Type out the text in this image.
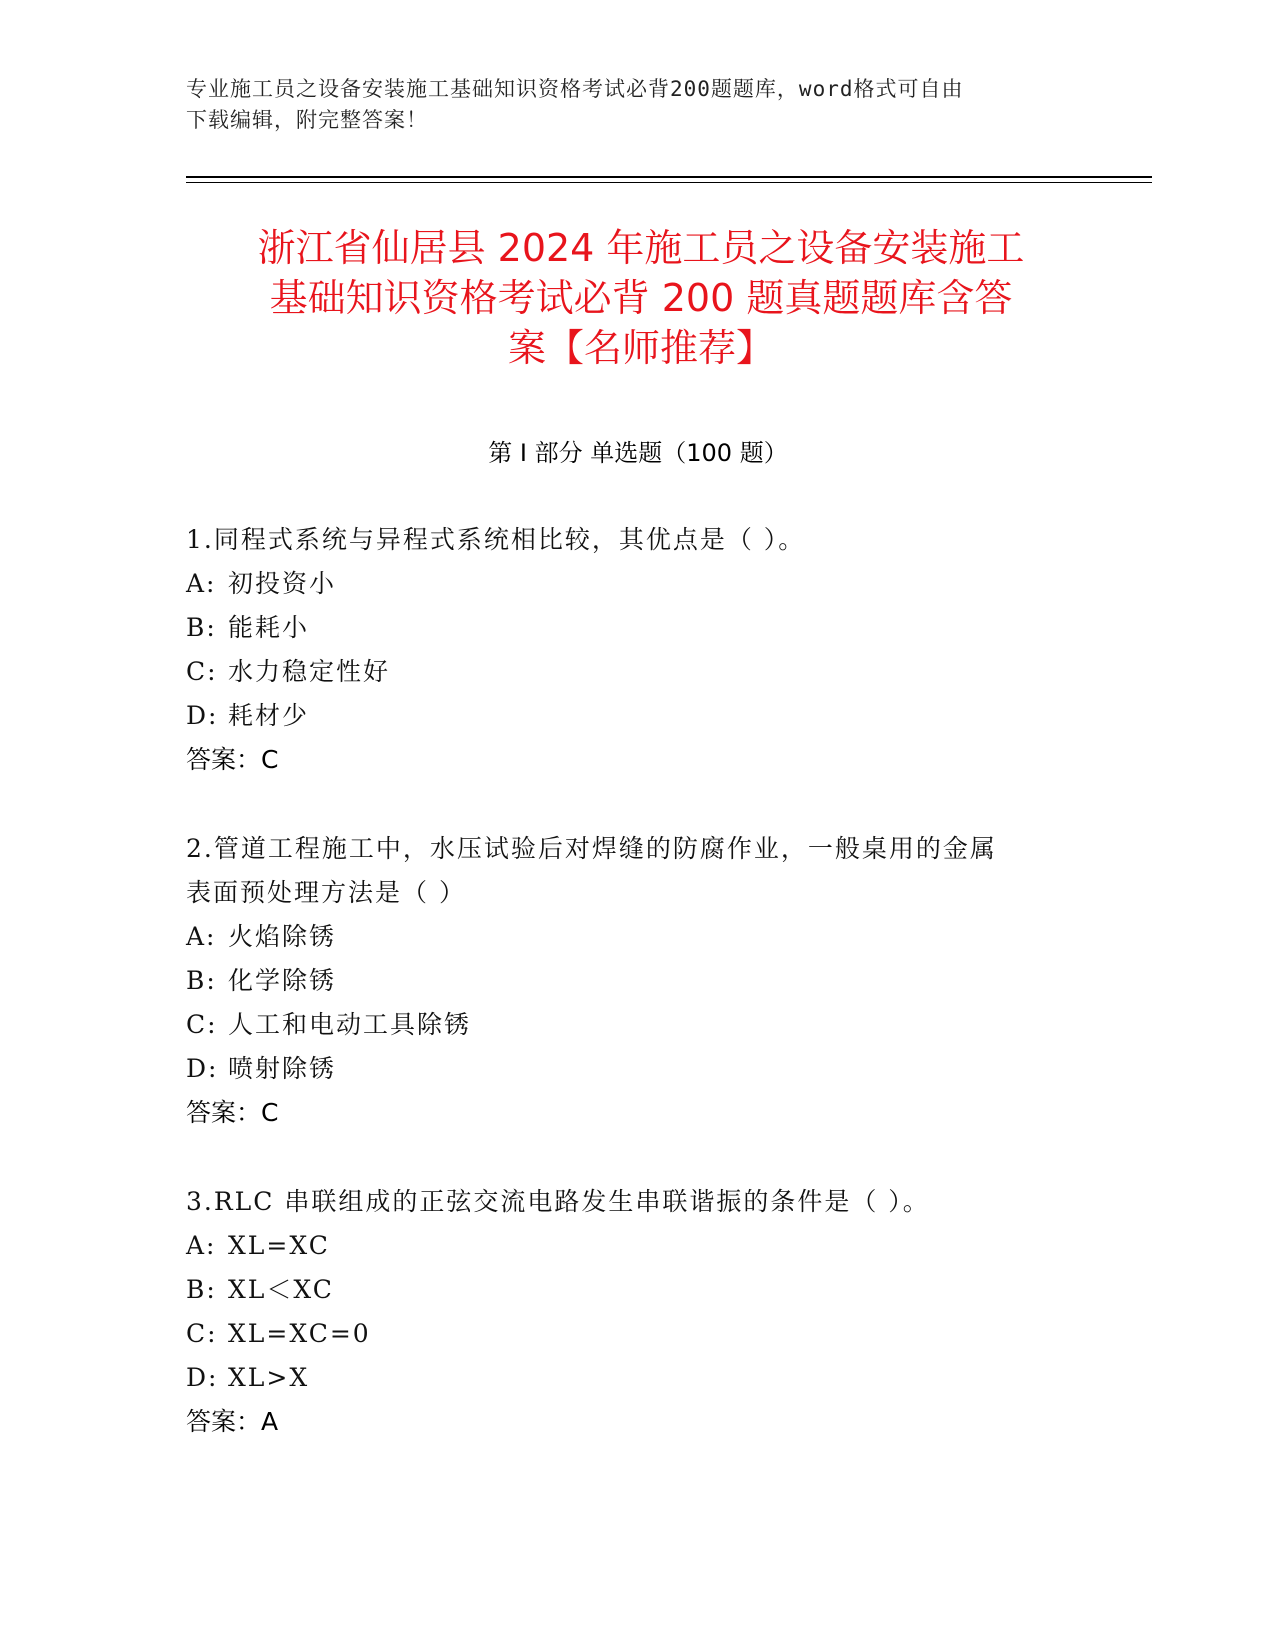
专业施工员之设备安装施工基础知识资格考试必背200题题库，word格式可自由
下载编辑，附完整答案！
浙江省仙居县 2024 年施工员之设备安装施工
基础知识资格考试必背 200 题真题题库含答
案【名师推荐】
第 I 部分 单选题（100 题）
1.同程式系统与异程式系统相比较，其优点是（ ）。
A: 初投资小
B: 能耗小
C: 水力稳定性好
D: 耗材少
答案：C
2.管道工程施工中，水压试验后对焊缝的防腐作业，一般桌用的金属
表面预处理方法是（ ）
A: 火焰除锈
B: 化学除锈
C: 人工和电动工具除锈
D: 喷射除锈
答案：C
3.RLC 串联组成的正弦交流电路发生串联谐振的条件是（ ）。
A: XL=XC
B: XL＜XC
C: XL=XC=0
D: XL>X
答案：A
